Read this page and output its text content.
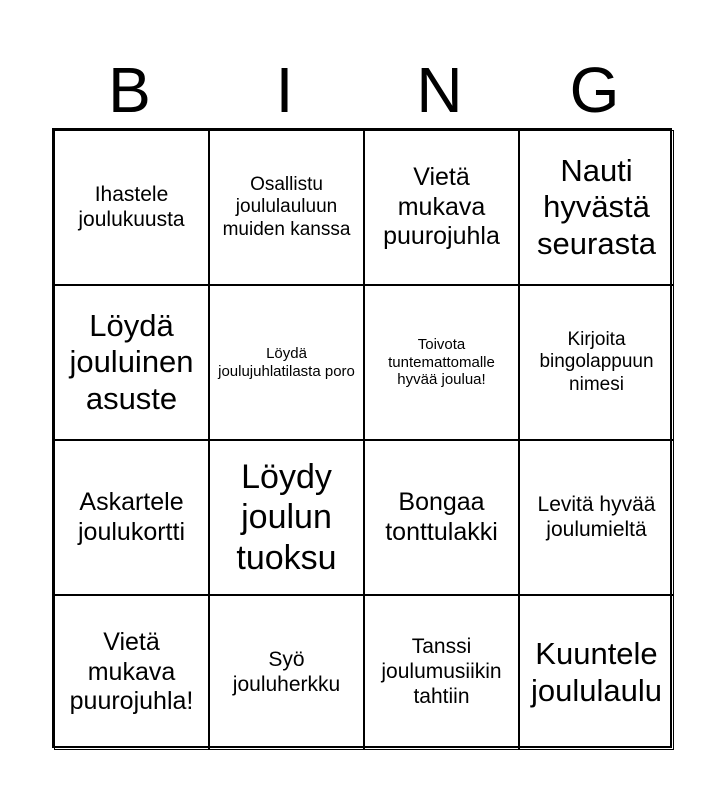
B	I	N	G
Ihastele joulukuusta
Osallistu joululauluun muiden kanssa
Vietä mukava puurojuhla
Nauti hyvästä seurasta
Löydä jouluinen asuste
Löydä joulujuhlatilasta poro
Toivota tuntemattomalle hyvää joulua!
Kirjoita bingolappuun nimesi
Askartele joulukortti
Löydy joulun tuoksu
Bongaa tonttulakki
Levitä hyvää joulumieltä
Vietä mukava puurojuhla!
Syö jouluherkku
Tanssi joulumusiikin tahtiin
Kuuntele joululaulu
